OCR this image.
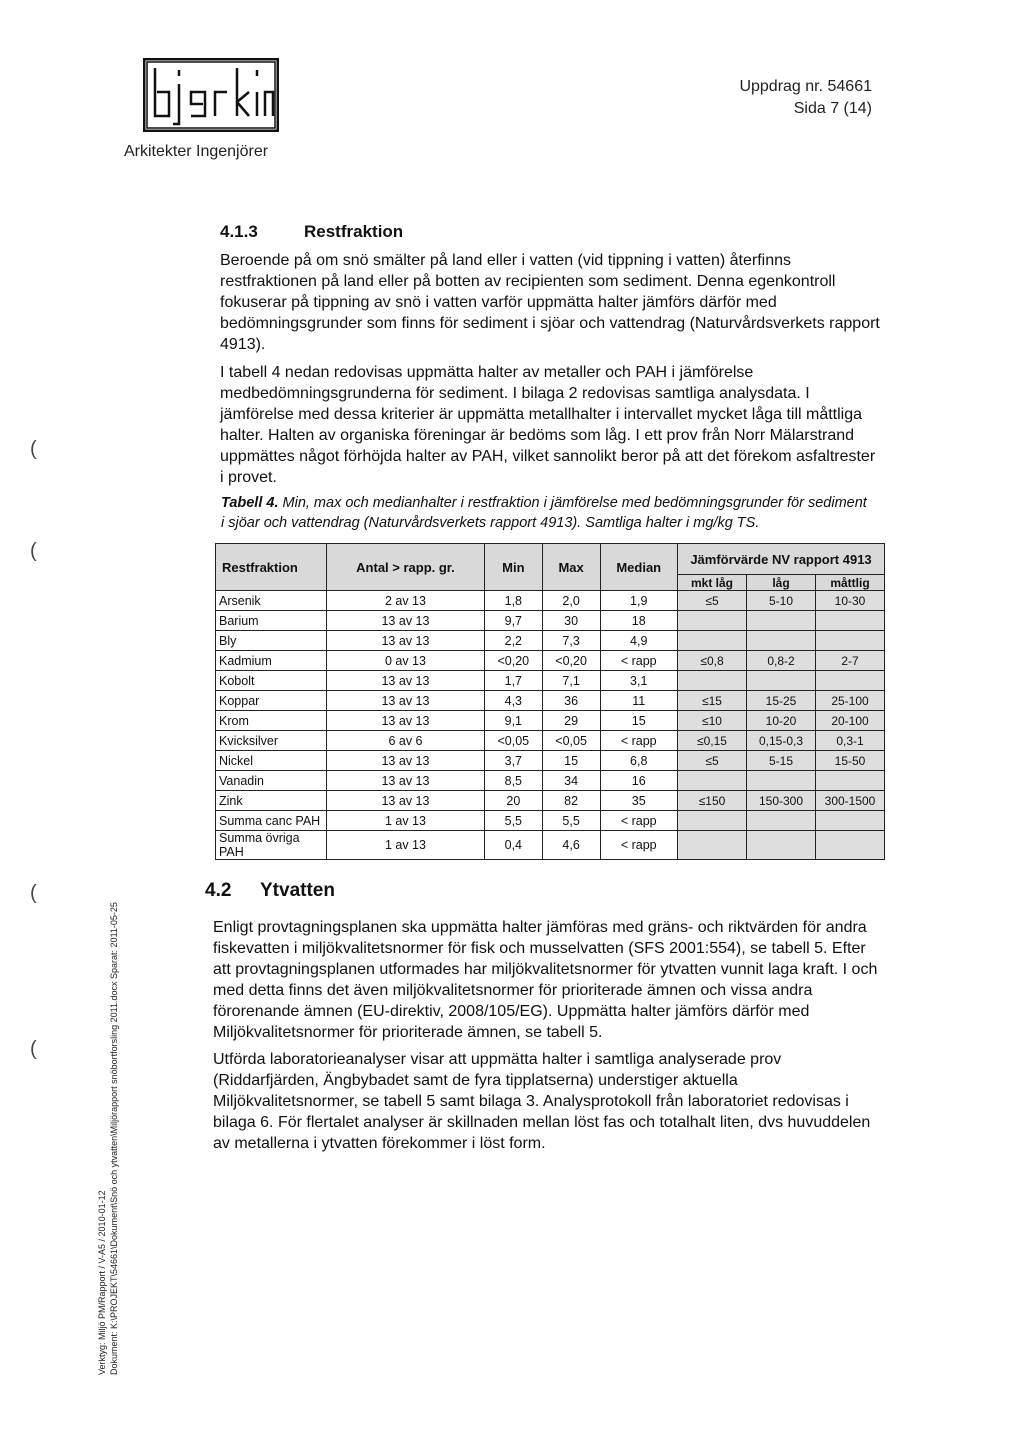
Arkitekter Ingenjörer
Uppdrag nr. 54661
Sida 7 (14)
4.1.3	Restfraktion

Beroende på om snö smälter på land eller i vatten (vid tippning i vatten) återfinns restfraktionen på land eller på botten av recipienten som sediment. Denna egenkontroll fokuserar på tippning av snö i vatten varför uppmätta halter jämförs därför med bedömningsgrunder som finns för sediment i sjöar och vattendrag (Naturvårdsverkets rapport 4913).

I tabell 4 nedan redovisas uppmätta halter av metaller och PAH i jämförelse medbedömningsgrunderna för sediment. I bilaga 2 redovisas samtliga analysdata. I jämförelse med dessa kriterier är uppmätta metallhalter i intervallet mycket låga till måttliga halter. Halten av organiska föreningar är bedöms som låg. I ett prov från Norr Mälarstrand uppmättes något förhöjda halter av PAH, vilket sannolikt beror på att det förekom asfaltrester i provet.

Tabell 4. Min, max och medianhalter i restfraktion i jämförelse med bedömningsgrunder för sediment i sjöar och vattendrag (Naturvårdsverkets rapport 4913). Samtliga halter i mg/kg TS.
Restfraktion	Antal > rapp. gr.	Min	Max	Median	Jämförvärde NV rapport 4913		
					mkt låg	låg	måttlig
Arsenik	2 av 13	1,8	2,0	1,9	≤5	5-10	10-30
Barium	13 av 13	9,7	30	18			
Bly	13 av 13	2,2	7,3	4,9			
Kadmium	0 av 13	<0,20	<0,20	< rapp	≤0,8	0,8-2	2-7
Kobolt	13 av 13	1,7	7,1	3,1			
Koppar	13 av 13	4,3	36	11	≤15	15-25	25-100
Krom	13 av 13	9,1	29	15	≤10	10-20	20-100
Kvicksilver	6 av 6	<0,05	<0,05	< rapp	≤0,15	0,15-0,3	0,3-1
Nickel	13 av 13	3,7	15	6,8	≤5	5-15	15-50
Vanadin	13 av 13	8,5	34	16			
Zink	13 av 13	20	82	35	≤150	150-300	300-1500
Summa canc PAH	1 av 13	5,5	5,5	< rapp			
Summa övriga PAH	1 av 13	0,4	4,6	< rapp			
4.2 Ytvatten

Enligt provtagningsplanen ska uppmätta halter jämföras med gräns- och riktvärden för andra fiskevatten i miljökvalitetsnormer för fisk och musselvatten (SFS 2001:554), se tabell 5. Efter att provtagningsplanen utformades har miljökvalitetsnormer för ytvatten vunnit laga kraft. I och med detta finns det även miljökvalitetsnormer för prioriterade ämnen och vissa andra förorenande ämnen (EU-direktiv, 2008/105/EG). Uppmätta halter jämförs därför med Miljökvalitetsnormer för prioriterade ämnen, se tabell 5.

Utförda laboratorieanalyser visar att uppmätta halter i samtliga analyserade prov (Riddarfjärden, Ängbybadet samt de fyra tipplatserna) understiger aktuella Miljökvalitetsnormer, se tabell 5 samt bilaga 3. Analysprotokoll från laboratoriet redovisas i bilaga 6. För flertalet analyser är skillnaden mellan löst fas och totalhalt liten, dvs huvuddelen av metallerna i ytvatten förekommer i löst form.

(
(
(
(
Verktyg: Miljö PM/Rapport / V-A5 / 2010-01-12 Dokument: K:\PROJEKT\54661\Dokument\Snö och ytvatten\Miljörapport snöbortforsling 2011.docx Sparat: 2011-05-25
